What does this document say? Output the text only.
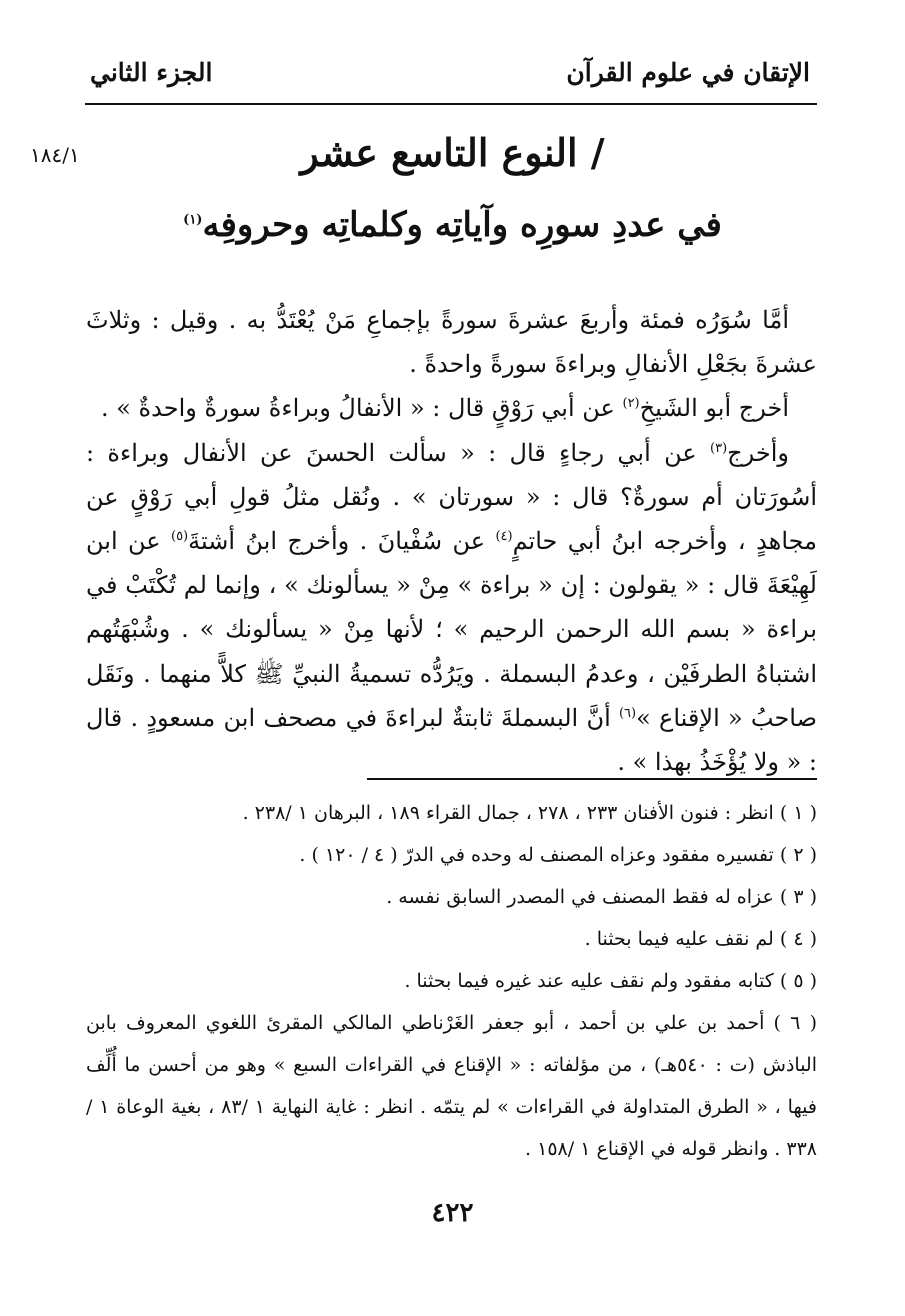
الإتقان في علوم القرآن
الجزء الثاني
١٨٤/١	/ النوع التاسع عشر
في عددِ سورِه وآياتِه وكلماتِه وحروفِه$^{(١)}$

أمَّا سُوَرُه فمئة وأربعَ عشرةَ سورةً بإجماعِ مَنْ يُعْتَدُّ به . وقيل : وثلاثَ عشرةَ بجَعْلِ الأنفالِ وبراءةَ سورةً واحدةً .

أخرج أبو الشَيخِ$^{(٢)}$ عن أبي رَوْقٍ قال : « الأنفالُ وبراءةُ سورةٌ واحدةٌ » .

وأخرج$^{(٣)}$ عن أبي رجاءٍ قال : « سألت الحسنَ عن الأنفال وبراءة : أسُورَتان أم سورةٌ؟ قال : « سورتان » . ونُقل مثلُ قولِ أبي رَوْقٍ عن مجاهدٍ ، وأخرجه ابنُ أبي حاتمٍ$^{(٤)}$ عن سُفْيانَ . وأخرج ابنُ أشتةَ$^{(٥)}$ عن ابن لَهِيْعَةَ قال : « يقولون : إن « براءة » مِنْ « يسألونك » ، وإنما لم تُكْتَبْ في براءة « بسم الله الرحمن الرحيم » ؛ لأنها مِنْ « يسألونك » . وشُبْهَتُهم اشتباهُ الطرفَيْن ، وعدمُ البسملة . ويَرُدُّه تسميةُ النبيِّ ﷺ كلاًّ منهما . ونَقَل صاحبُ « الإقناع »$^{(٦)}$ أنَّ البسملةَ ثابتةٌ لبراءةَ في مصحف ابن مسعودٍ . قال : « ولا يُؤْخَذُ بهذا » .

( ١ ) انظر : فنون الأفنان ٢٣٣ ، ٢٧٨ ، جمال القراء ١٨٩ ، البرهان ١ /٢٣٨ .

( ٢ ) تفسيره مفقود وعزاه المصنف له وحده في الدرّ ( ٤ / ١٢٠ ) .

( ٣ ) عزاه له فقط المصنف في المصدر السابق نفسه .

( ٤ ) لم نقف عليه فيما بحثنا .

( ٥ ) كتابه مفقود ولم نقف عليه عند غيره فيما بحثنا .

( ٦ ) أحمد بن علي بن أحمد ، أبو جعفر الغَرْناطي المالكي المقرئ اللغوي المعروف بابن الباذش (ت : ٥٤٠هـ) ، من مؤلفاته : « الإقناع في القراءات السبع » وهو من أحسن ما أُلِّف فيها ، « الطرق المتداولة في القراءات » لم يتمّه . انظر : غاية النهاية ١ /٨٣ ، بغية الوعاة ١ /٣٣٨ . وانظر قوله في الإقناع ١ /١٥٨ .

٤٢٢
